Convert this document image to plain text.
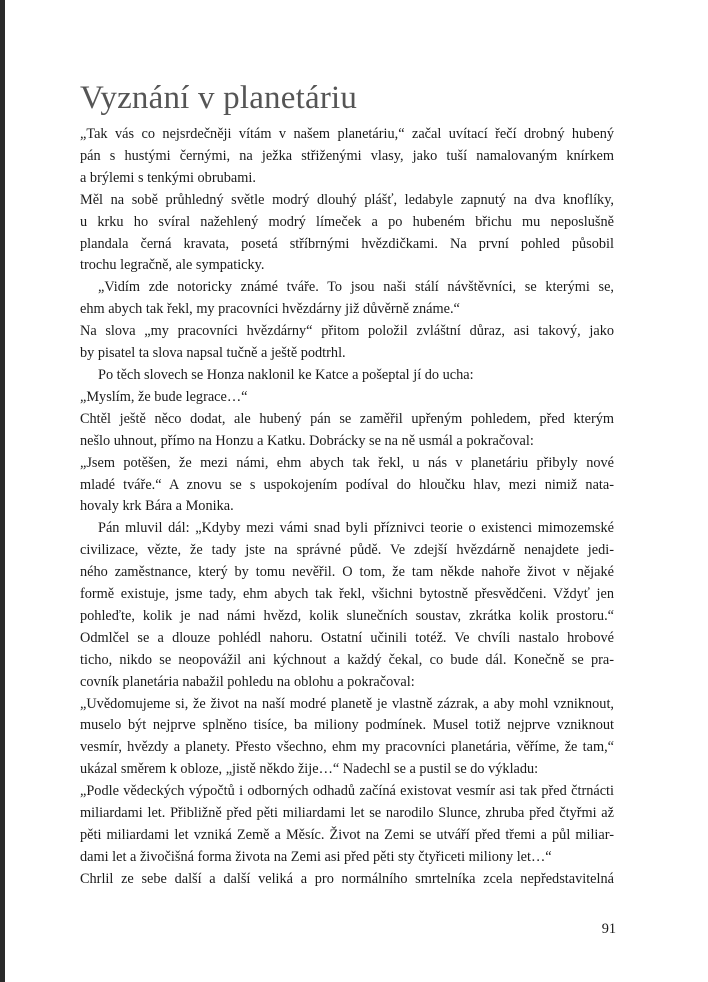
Vyznání v planetáriu
„Tak vás co nejsrdečněji vítám v našem planetáriu,“ začal uvítací řečí drobný hubený
pán s hustými černými, na ježka střiženými vlasy, jako tuší namalovaným knírkem
a brýlemi s tenkými obrubami.
Měl na sobě průhledný světle modrý dlouhý plášť, ledabyle zapnutý na dva knoflíky,
u krku ho svíral nažehlený modrý límeček a po hubeném břichu mu neposlušně
plandala černá kravata, posetá stříbrnými hvězdičkami. Na první pohled působil
trochu legračně, ale sympaticky.
„Vidím zde notoricky známé tváře. To jsou naši stálí návštěvníci, se kterými se,
ehm abych tak řekl, my pracovníci hvězdárny již důvěrně známe.“
Na slova „my pracovníci hvězdárny“ přitom položil zvláštní důraz, asi takový, jako
by pisatel ta slova napsal tučně a ještě podtrhl.
Po těch slovech se Honza naklonil ke Katce a pošeptal jí do ucha:
„Myslím, že bude legrace…“
Chtěl ještě něco dodat, ale hubený pán se zaměřil upřeným pohledem, před kterým
nešlo uhnout, přímo na Honzu a Katku. Dobrácky se na ně usmál a pokračoval:
„Jsem potěšen, že mezi námi, ehm abych tak řekl, u nás v planetáriu přibyly nové
mladé tváře.“ A znovu se s uspokojením podíval do hloučku hlav, mezi nimiž nata-
hovaly krk Bára a Monika.
Pán mluvil dál: „Kdyby mezi vámi snad byli příznivci teorie o existenci mimozemské
civilizace, vězte, že tady jste na správné půdě. Ve zdejší hvězdárně nenajdete jedi-
ného zaměstnance, který by tomu nevěřil. O tom, že tam někde nahoře život v nějaké
formě existuje, jsme tady, ehm abych tak řekl, všichni bytostně přesvědčeni. Vždyť jen
pohleďte, kolik je nad námi hvězd, kolik slunečních soustav, zkrátka kolik prostoru.“
Odmlčel se a dlouze pohlédl nahoru. Ostatní učinili totéž. Ve chvíli nastalo hrobové
ticho, nikdo se neopovážil ani kýchnout a každý čekal, co bude dál. Konečně se pra-
covník planetária nabažil pohledu na oblohu a pokračoval:
„Uvědomujeme si, že život na naší modré planetě je vlastně zázrak, a aby mohl vzniknout,
muselo být nejprve splněno tisíce, ba miliony podmínek. Musel totiž nejprve vzniknout
vesmír, hvězdy a planety. Přesto všechno, ehm my pracovníci planetária, věříme, že tam,“
ukázal směrem k obloze, „jistě někdo žije…“ Nadechl se a pustil se do výkladu:
„Podle vědeckých výpočtů i odborných odhadů začíná existovat vesmír asi tak před čtrnácti
miliardami let. Přibližně před pěti miliardami let se narodilo Slunce, zhruba před čtyřmi až
pěti miliardami let vzniká Země a Měsíc. Život na Zemi se utváří před třemi a půl miliar-
dami let a živočišná forma života na Zemi asi před pěti sty čtyřiceti miliony let…“
Chrlil ze sebe další a další veliká a pro normálního smrtelníka zcela nepředstavitelná
91
